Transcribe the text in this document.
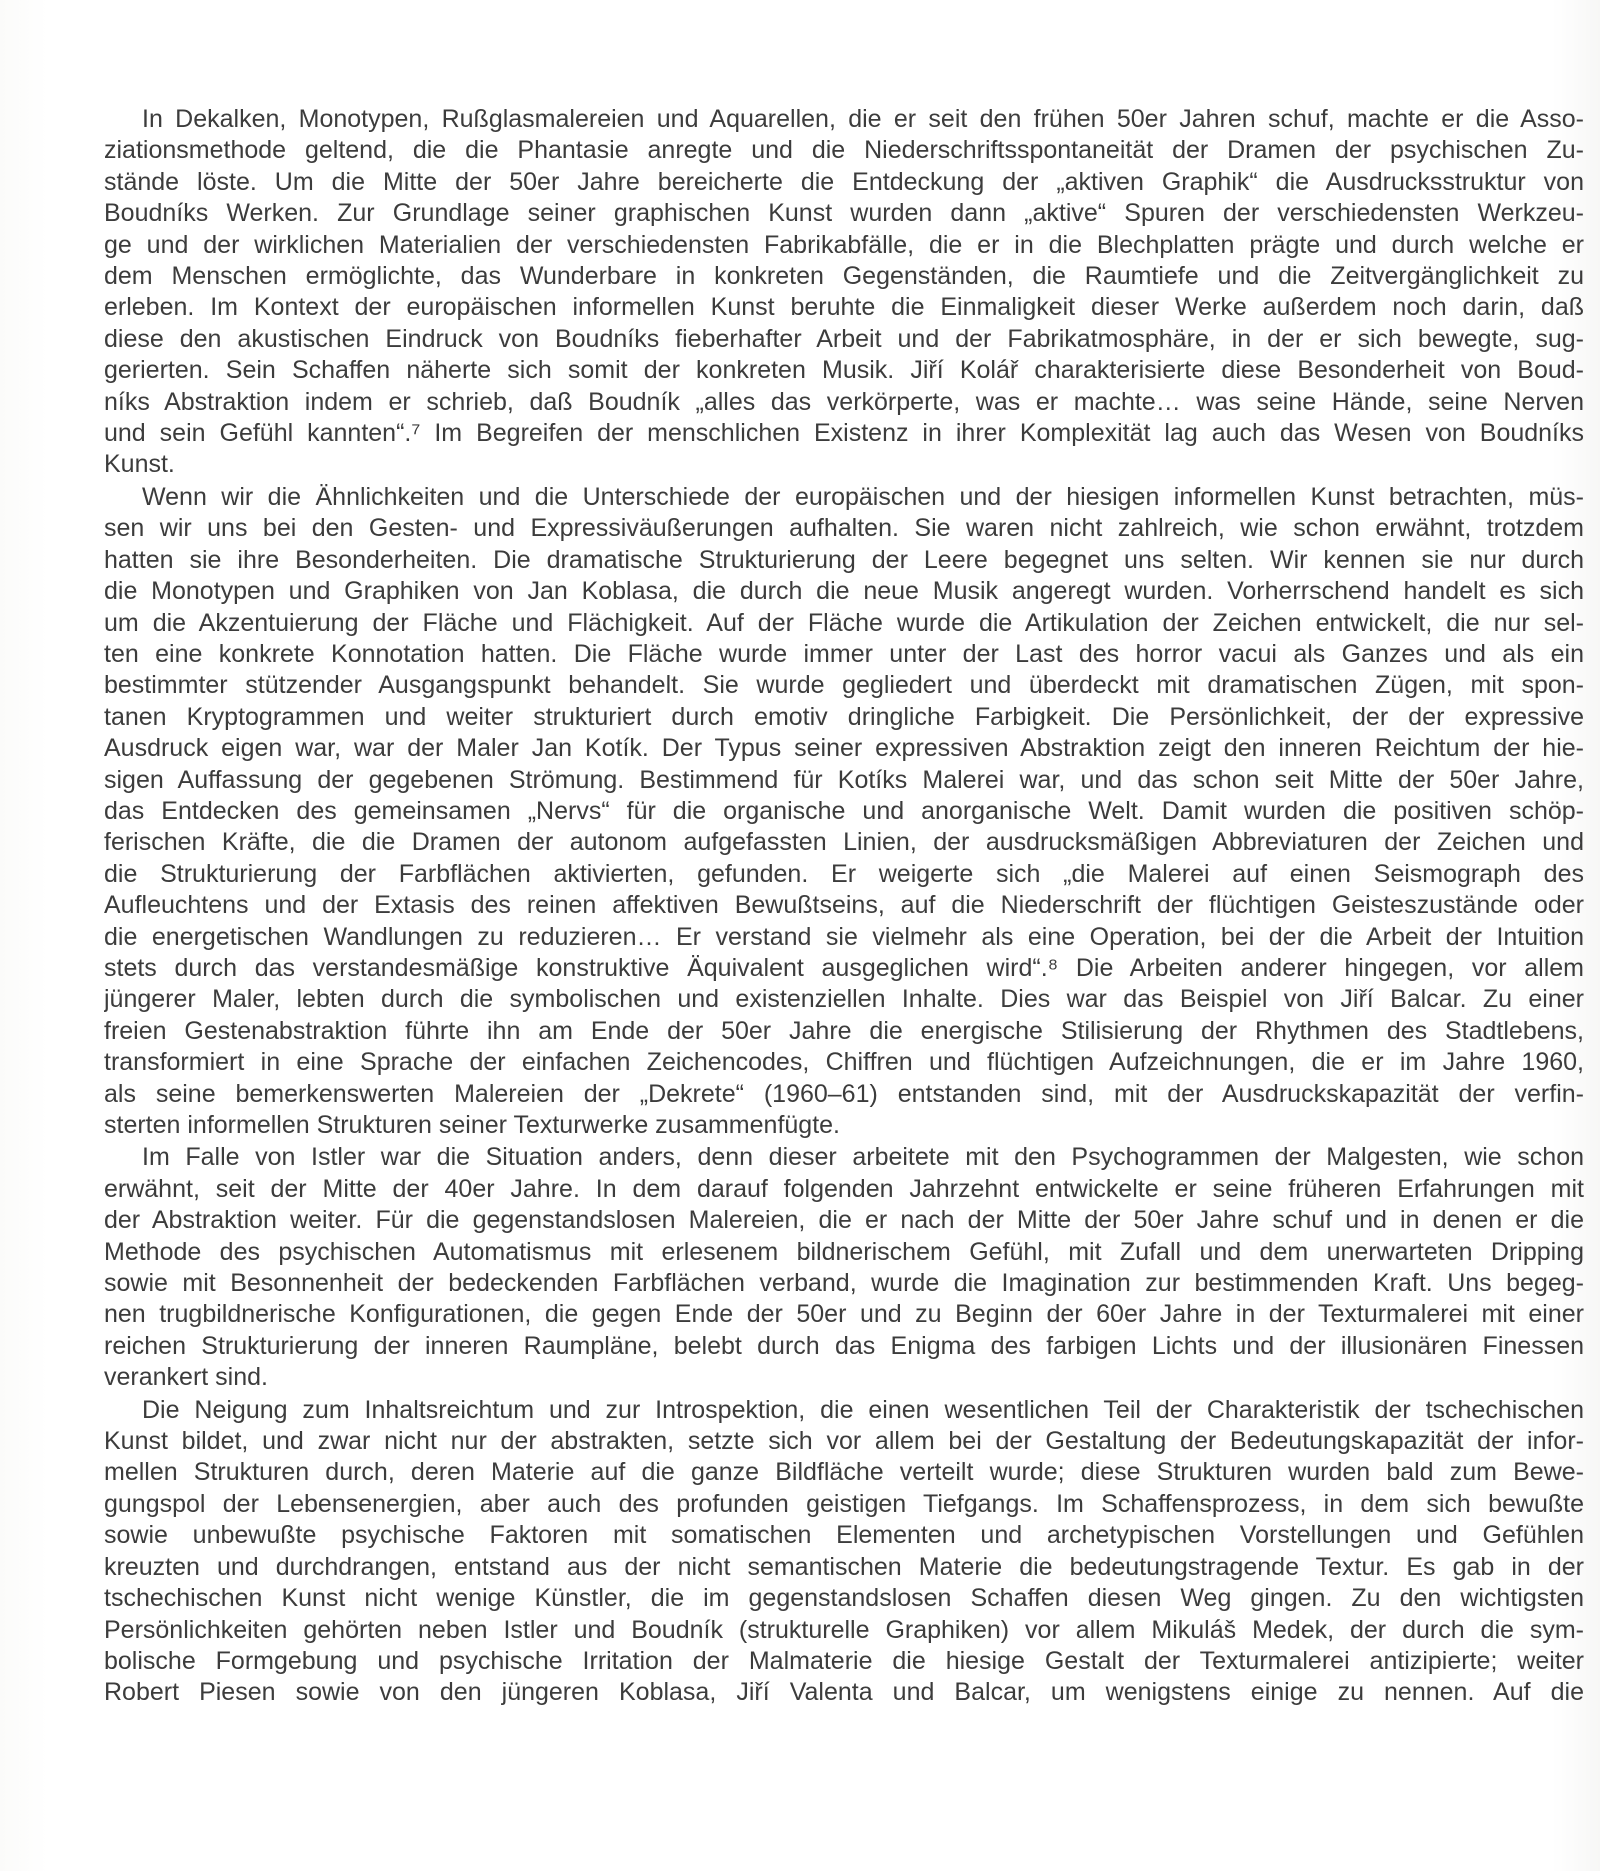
In Dekalken, Monotypen, Rußglasmalereien und Aquarellen, die er seit den frühen 50er Jahren schuf, machte er die Asso-
ziationsmethode geltend, die die Phantasie anregte und die Niederschriftsspontaneität der Dramen der psychischen Zu-
stände löste. Um die Mitte der 50er Jahre bereicherte die Entdeckung der „aktiven Graphik“ die Ausdrucksstruktur von
Boudníks Werken. Zur Grundlage seiner graphischen Kunst wurden dann „aktive“ Spuren der verschiedensten Werkzeu-
ge und der wirklichen Materialien der verschiedensten Fabrikabfälle, die er in die Blechplatten prägte und durch welche er
dem Menschen ermöglichte, das Wunderbare in konkreten Gegenständen, die Raumtiefe und die Zeitvergänglichkeit zu
erleben. Im Kontext der europäischen informellen Kunst beruhte die Einmaligkeit dieser Werke außerdem noch darin, daß
diese den akustischen Eindruck von Boudníks fieberhafter Arbeit und der Fabrikatmosphäre, in der er sich bewegte, sug-
gerierten. Sein Schaffen näherte sich somit der konkreten Musik. Jiří Kolář charakterisierte diese Besonderheit von Boud-
níks Abstraktion indem er schrieb, daß Boudník „alles das verkörperte, was er machte… was seine Hände, seine Nerven
und sein Gefühl kannten“.⁷ Im Begreifen der menschlichen Existenz in ihrer Komplexität lag auch das Wesen von Boudníks
Kunst.
Wenn wir die Ähnlichkeiten und die Unterschiede der europäischen und der hiesigen informellen Kunst betrachten, müs-
sen wir uns bei den Gesten- und Expressiväußerungen aufhalten. Sie waren nicht zahlreich, wie schon erwähnt, trotzdem
hatten sie ihre Besonderheiten. Die dramatische Strukturierung der Leere begegnet uns selten. Wir kennen sie nur durch
die Monotypen und Graphiken von Jan Koblasa, die durch die neue Musik angeregt wurden. Vorherrschend handelt es sich
um die Akzentuierung der Fläche und Flächigkeit. Auf der Fläche wurde die Artikulation der Zeichen entwickelt, die nur sel-
ten eine konkrete Konnotation hatten. Die Fläche wurde immer unter der Last des horror vacui als Ganzes und als ein
bestimmter stützender Ausgangspunkt behandelt. Sie wurde gegliedert und überdeckt mit dramatischen Zügen, mit spon-
tanen Kryptogrammen und weiter strukturiert durch emotiv dringliche Farbigkeit. Die Persönlichkeit, der der expressive
Ausdruck eigen war, war der Maler Jan Kotík. Der Typus seiner expressiven Abstraktion zeigt den inneren Reichtum der hie-
sigen Auffassung der gegebenen Strömung. Bestimmend für Kotíks Malerei war, und das schon seit Mitte der 50er Jahre,
das Entdecken des gemeinsamen „Nervs“ für die organische und anorganische Welt. Damit wurden die positiven schöp-
ferischen Kräfte, die die Dramen der autonom aufgefassten Linien, der ausdrucksmäßigen Abbreviaturen der Zeichen und
die Strukturierung der Farbflächen aktivierten, gefunden. Er weigerte sich „die Malerei auf einen Seismograph des
Aufleuchtens und der Extasis des reinen affektiven Bewußtseins, auf die Niederschrift der flüchtigen Geisteszustände oder
die energetischen Wandlungen zu reduzieren… Er verstand sie vielmehr als eine Operation, bei der die Arbeit der Intuition
stets durch das verstandesmäßige konstruktive Äquivalent ausgeglichen wird“.⁸ Die Arbeiten anderer hingegen, vor allem
jüngerer Maler, lebten durch die symbolischen und existenziellen Inhalte. Dies war das Beispiel von Jiří Balcar. Zu einer
freien Gestenabstraktion führte ihn am Ende der 50er Jahre die energische Stilisierung der Rhythmen des Stadtlebens,
transformiert in eine Sprache der einfachen Zeichencodes, Chiffren und flüchtigen Aufzeichnungen, die er im Jahre 1960,
als seine bemerkenswerten Malereien der „Dekrete“ (1960–61) entstanden sind, mit der Ausdruckskapazität der verfin-
sterten informellen Strukturen seiner Texturwerke zusammenfügte.
Im Falle von Istler war die Situation anders, denn dieser arbeitete mit den Psychogrammen der Malgesten, wie schon
erwähnt, seit der Mitte der 40er Jahre. In dem darauf folgenden Jahrzehnt entwickelte er seine früheren Erfahrungen mit
der Abstraktion weiter. Für die gegenstandslosen Malereien, die er nach der Mitte der 50er Jahre schuf und in denen er die
Methode des psychischen Automatismus mit erlesenem bildnerischem Gefühl, mit Zufall und dem unerwarteten Dripping
sowie mit Besonnenheit der bedeckenden Farbflächen verband, wurde die Imagination zur bestimmenden Kraft. Uns begeg-
nen trugbildnerische Konfigurationen, die gegen Ende der 50er und zu Beginn der 60er Jahre in der Texturmalerei mit einer
reichen Strukturierung der inneren Raumpläne, belebt durch das Enigma des farbigen Lichts und der illusionären Finessen
verankert sind.
Die Neigung zum Inhaltsreichtum und zur Introspektion, die einen wesentlichen Teil der Charakteristik der tschechischen
Kunst bildet, und zwar nicht nur der abstrakten, setzte sich vor allem bei der Gestaltung der Bedeutungskapazität der infor-
mellen Strukturen durch, deren Materie auf die ganze Bildfläche verteilt wurde; diese Strukturen wurden bald zum Bewe-
gungspol der Lebensenergien, aber auch des profunden geistigen Tiefgangs. Im Schaffensprozess, in dem sich bewußte
sowie unbewußte psychische Faktoren mit somatischen Elementen und archetypischen Vorstellungen und Gefühlen
kreuzten und durchdrangen, entstand aus der nicht semantischen Materie die bedeutungstragende Textur. Es gab in der
tschechischen Kunst nicht wenige Künstler, die im gegenstandslosen Schaffen diesen Weg gingen. Zu den wichtigsten
Persönlichkeiten gehörten neben Istler und Boudník (strukturelle Graphiken) vor allem Mikuláš Medek, der durch die sym-
bolische Formgebung und psychische Irritation der Malmaterie die hiesige Gestalt der Texturmalerei antizipierte; weiter
Robert Piesen sowie von den jüngeren Koblasa, Jiří Valenta und Balcar, um wenigstens einige zu nennen. Auf die
